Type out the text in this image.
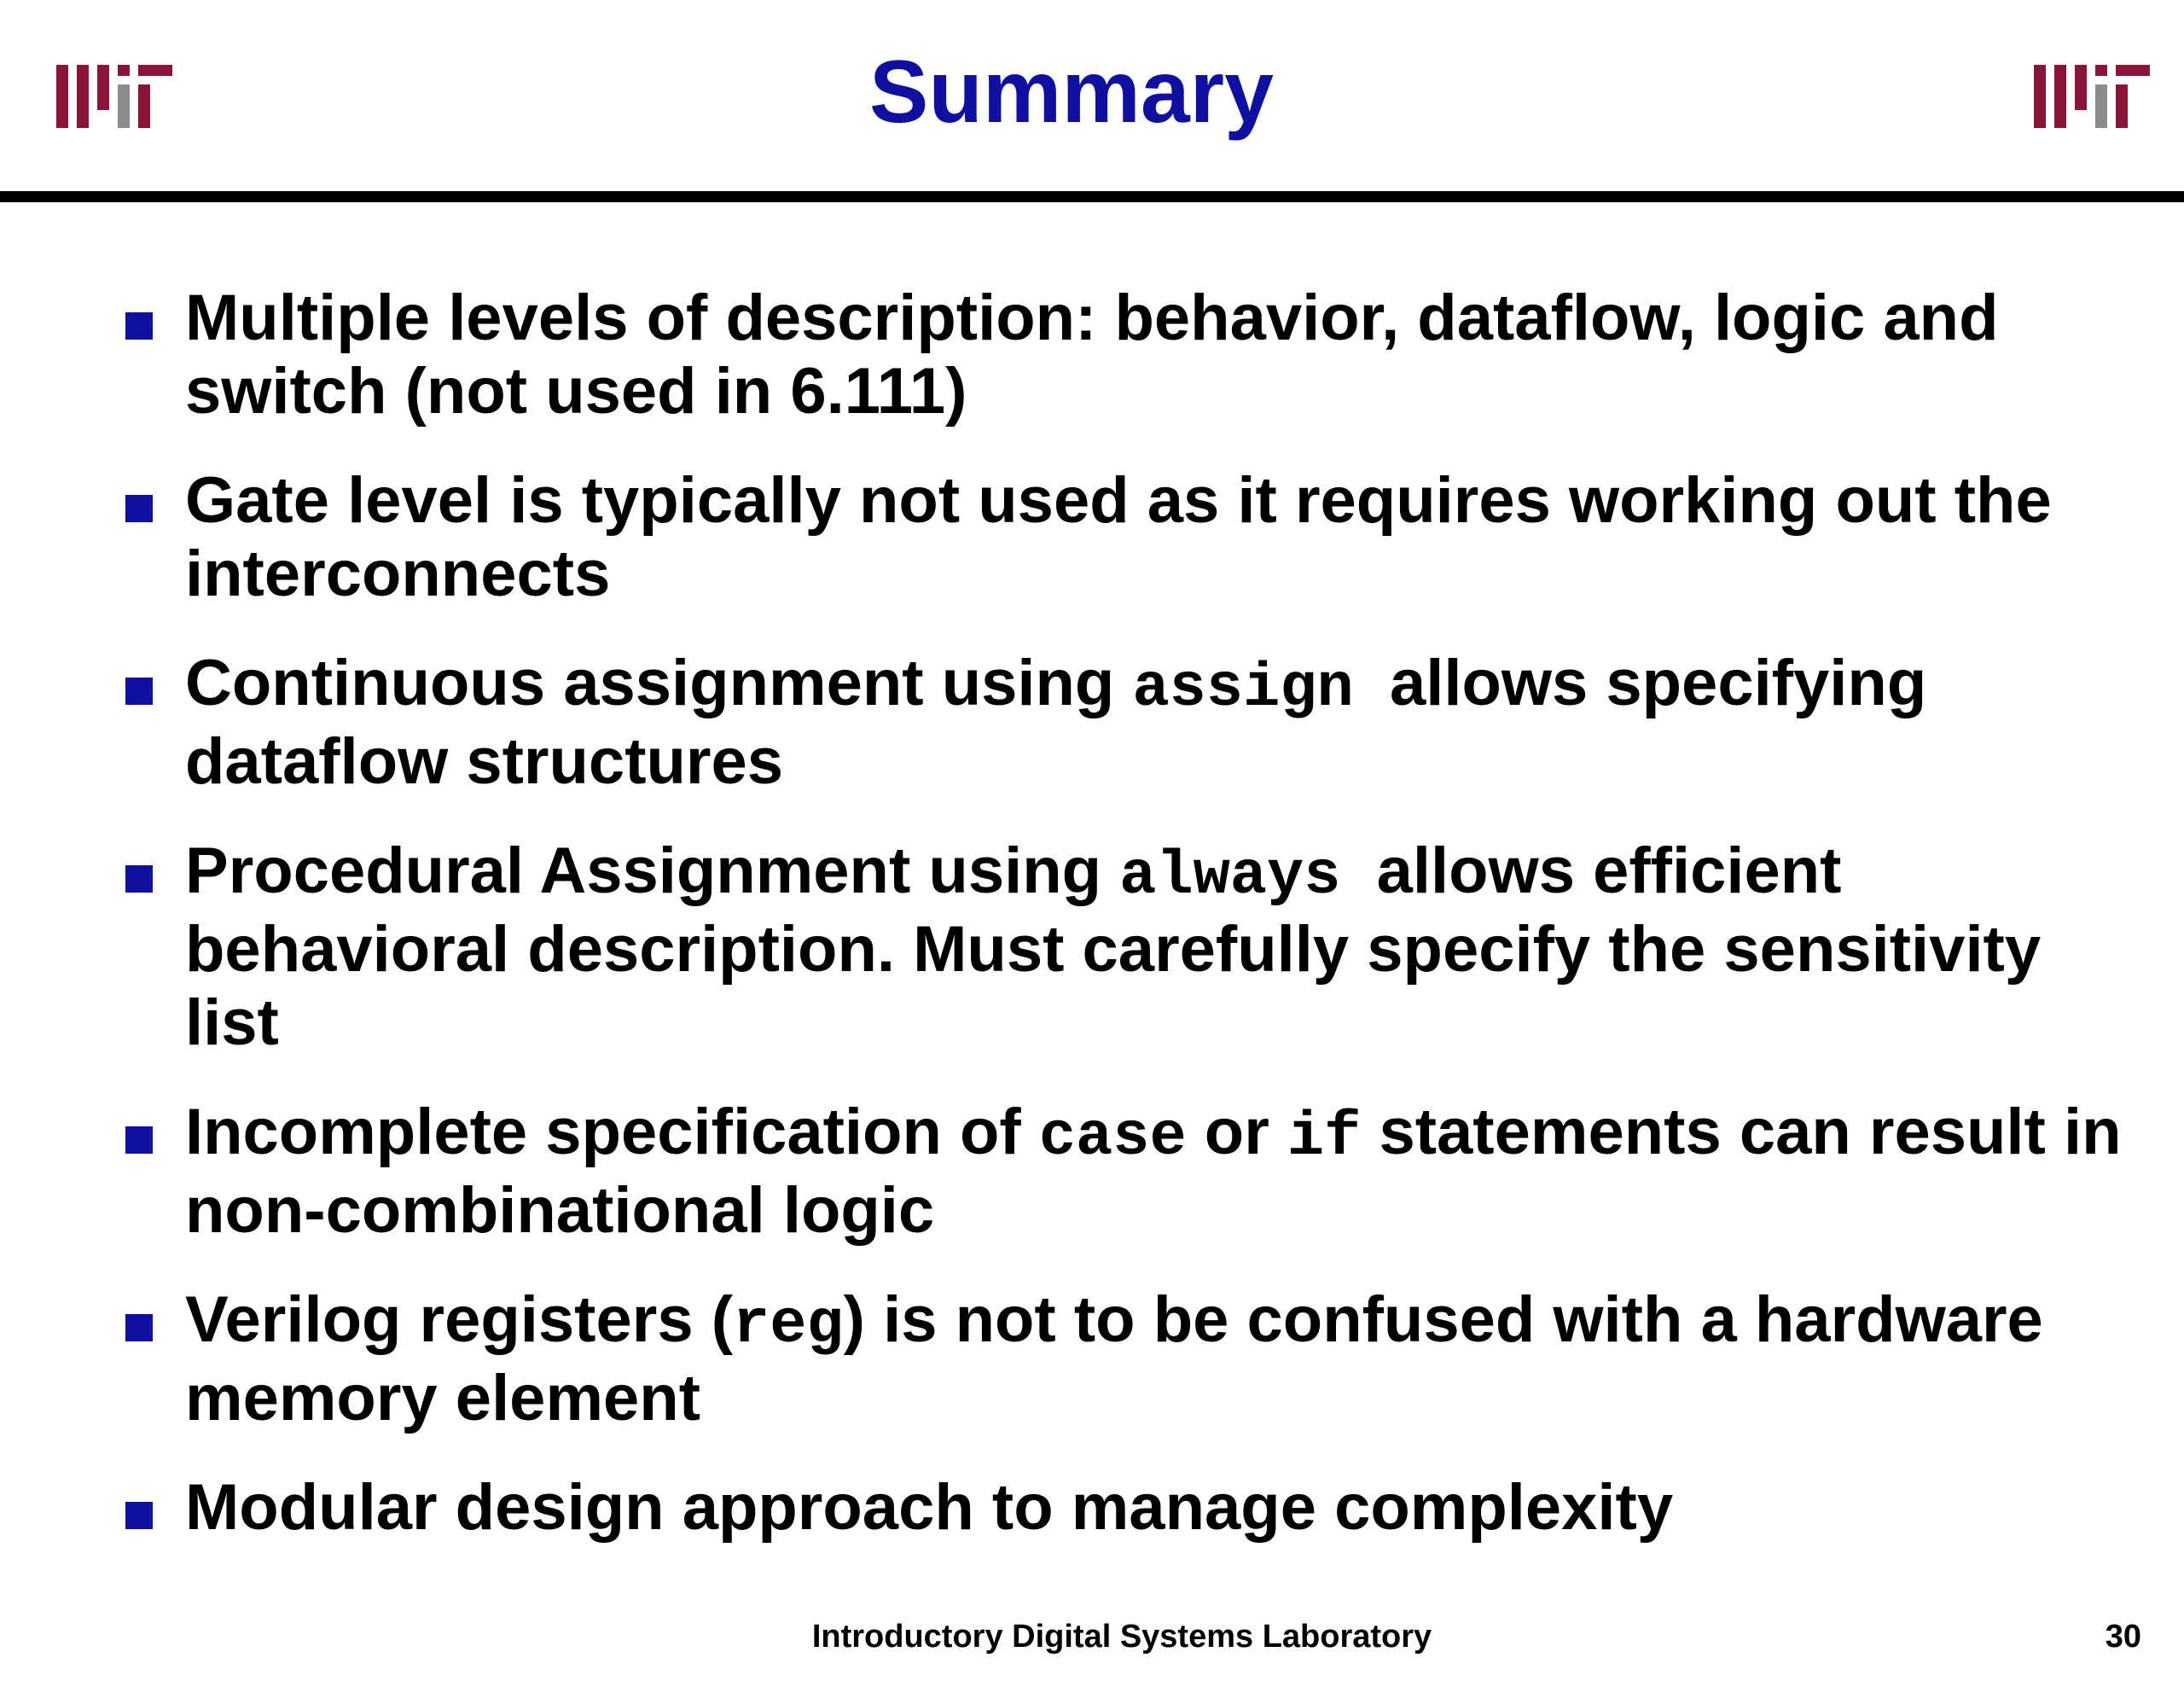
Summary
Multiple levels of description: behavior, dataflow, logic and switch (not used in 6.111)
Gate level is typically not used as it requires working out the interconnects
Continuous assignment using assign  allows specifying dataflow structures
Procedural Assignment using always  allows efficient behavioral description. Must carefully specify the sensitivity list
Incomplete specification of case or if statements can result in non-combinational logic
Verilog registers (reg) is not to be confused with a hardware memory element
Modular design approach to manage complexity
Introductory Digital Systems Laboratory	30
